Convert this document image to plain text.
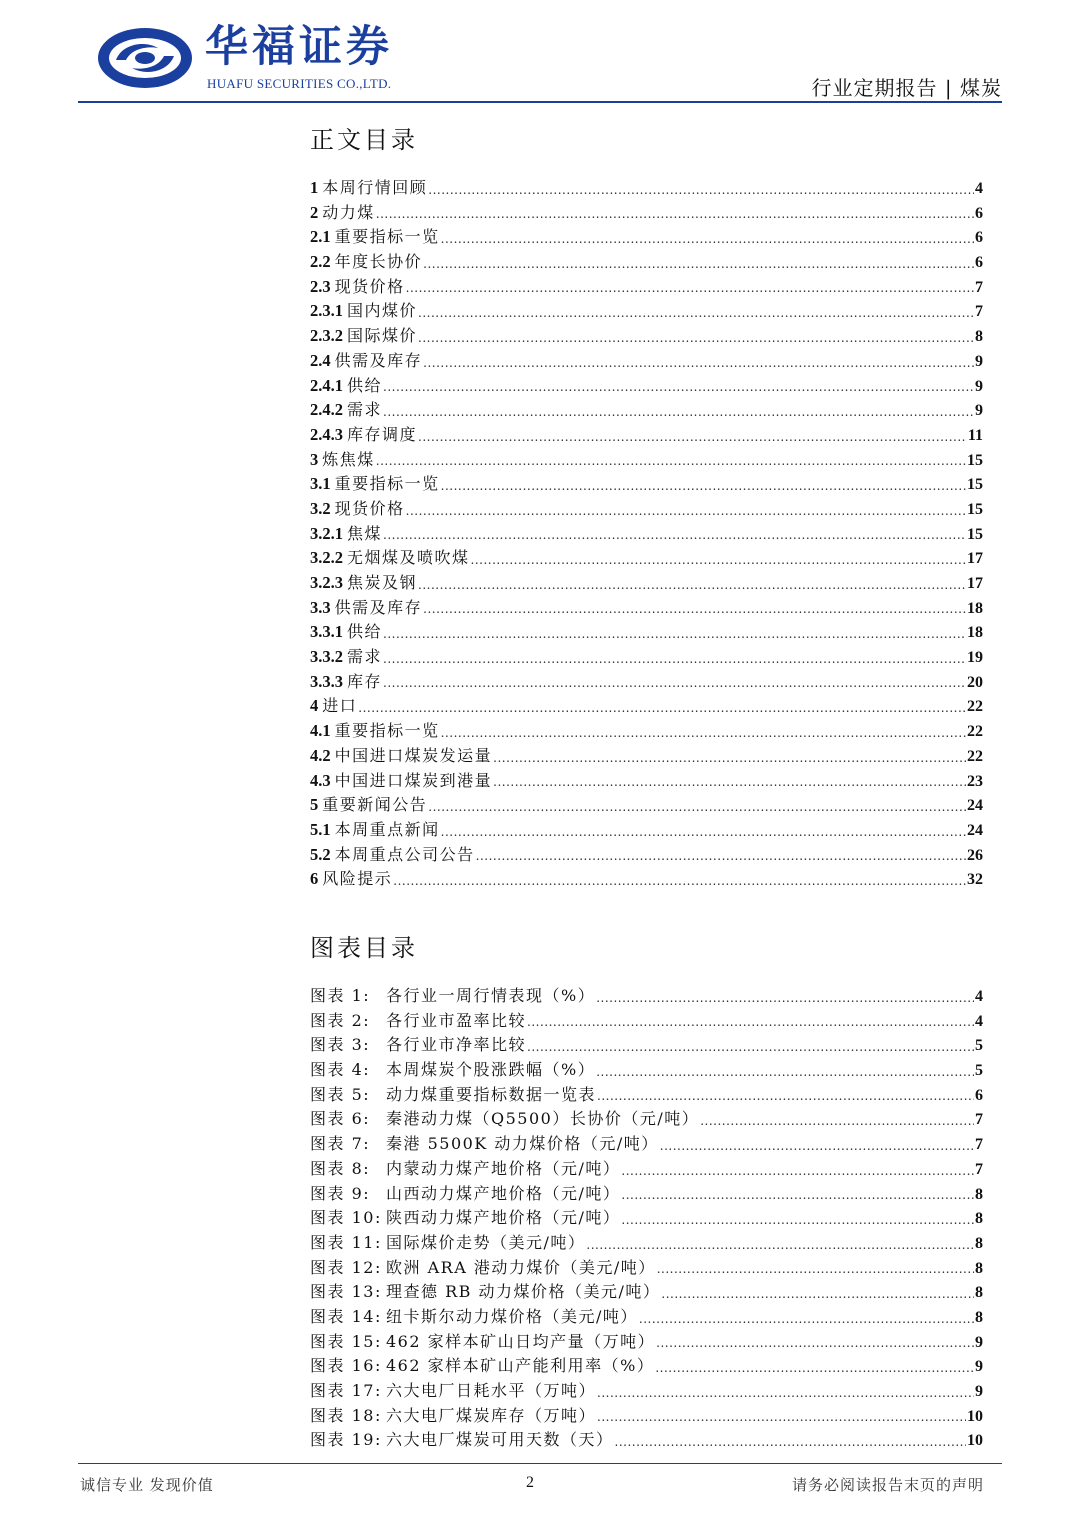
华福证券
HUAFU SECURITIES CO.,LTD.	行业定期报告 | 煤炭
正文目录
1 本周行情回顾 .....	4
2 动力煤 .....	6
2.1 重要指标一览 .....	6
2.2 年度长协价 .....	6
2.3 现货价格 .....	7
2.3.1 国内煤价 .....	7
2.3.2 国际煤价 .....	8
2.4 供需及库存 .....	9
2.4.1 供给 .....	9
2.4.2 需求 .....	9
2.4.3 库存调度 .....	11
3 炼焦煤 .....	15
3.1 重要指标一览 .....	15
3.2 现货价格 .....	15
3.2.1 焦煤 .....	15
3.2.2 无烟煤及喷吹煤 .....	17
3.2.3 焦炭及钢 .....	17
3.3 供需及库存 .....	18
3.3.1 供给 .....	18
3.3.2 需求 .....	19
3.3.3 库存 .....	20
4 进口 .....	22
4.1 重要指标一览 .....	22
4.2 中国进口煤炭发运量 .....	22
4.3 中国进口煤炭到港量 .....	23
5 重要新闻公告 .....	24
5.1 本周重点新闻 .....	24
5.2 本周重点公司公告 .....	26
6 风险提示 .....	32
图表目录
图表 1: 各行业一周行情表现（%） .....	4
图表 2: 各行业市盈率比较 .....	4
图表 3: 各行业市净率比较 .....	5
图表 4: 本周煤炭个股涨跌幅（%） .....	5
图表 5: 动力煤重要指标数据一览表 .....	6
图表 6: 秦港动力煤（Q5500）长协价（元/吨） .....	7
图表 7: 秦港 5500K 动力煤价格（元/吨） .....	7
图表 8: 内蒙动力煤产地价格（元/吨） .....	7
图表 9: 山西动力煤产地价格（元/吨） .....	8
图表 10: 陕西动力煤产地价格（元/吨） .....	8
图表 11: 国际煤价走势（美元/吨） .....	8
图表 12: 欧洲 ARA 港动力煤价（美元/吨） .....	8
图表 13: 理查德 RB 动力煤价格（美元/吨） .....	8
图表 14: 纽卡斯尔动力煤价格（美元/吨） .....	8
图表 15: 462 家样本矿山日均产量（万吨） .....	9
图表 16: 462 家样本矿山产能利用率（%） .....	9
图表 17: 六大电厂日耗水平（万吨） .....	9
图表 18: 六大电厂煤炭库存（万吨） .....	10
图表 19: 六大电厂煤炭可用天数（天） .....	10
诚信专业 发现价值	2	请务必阅读报告末页的声明
